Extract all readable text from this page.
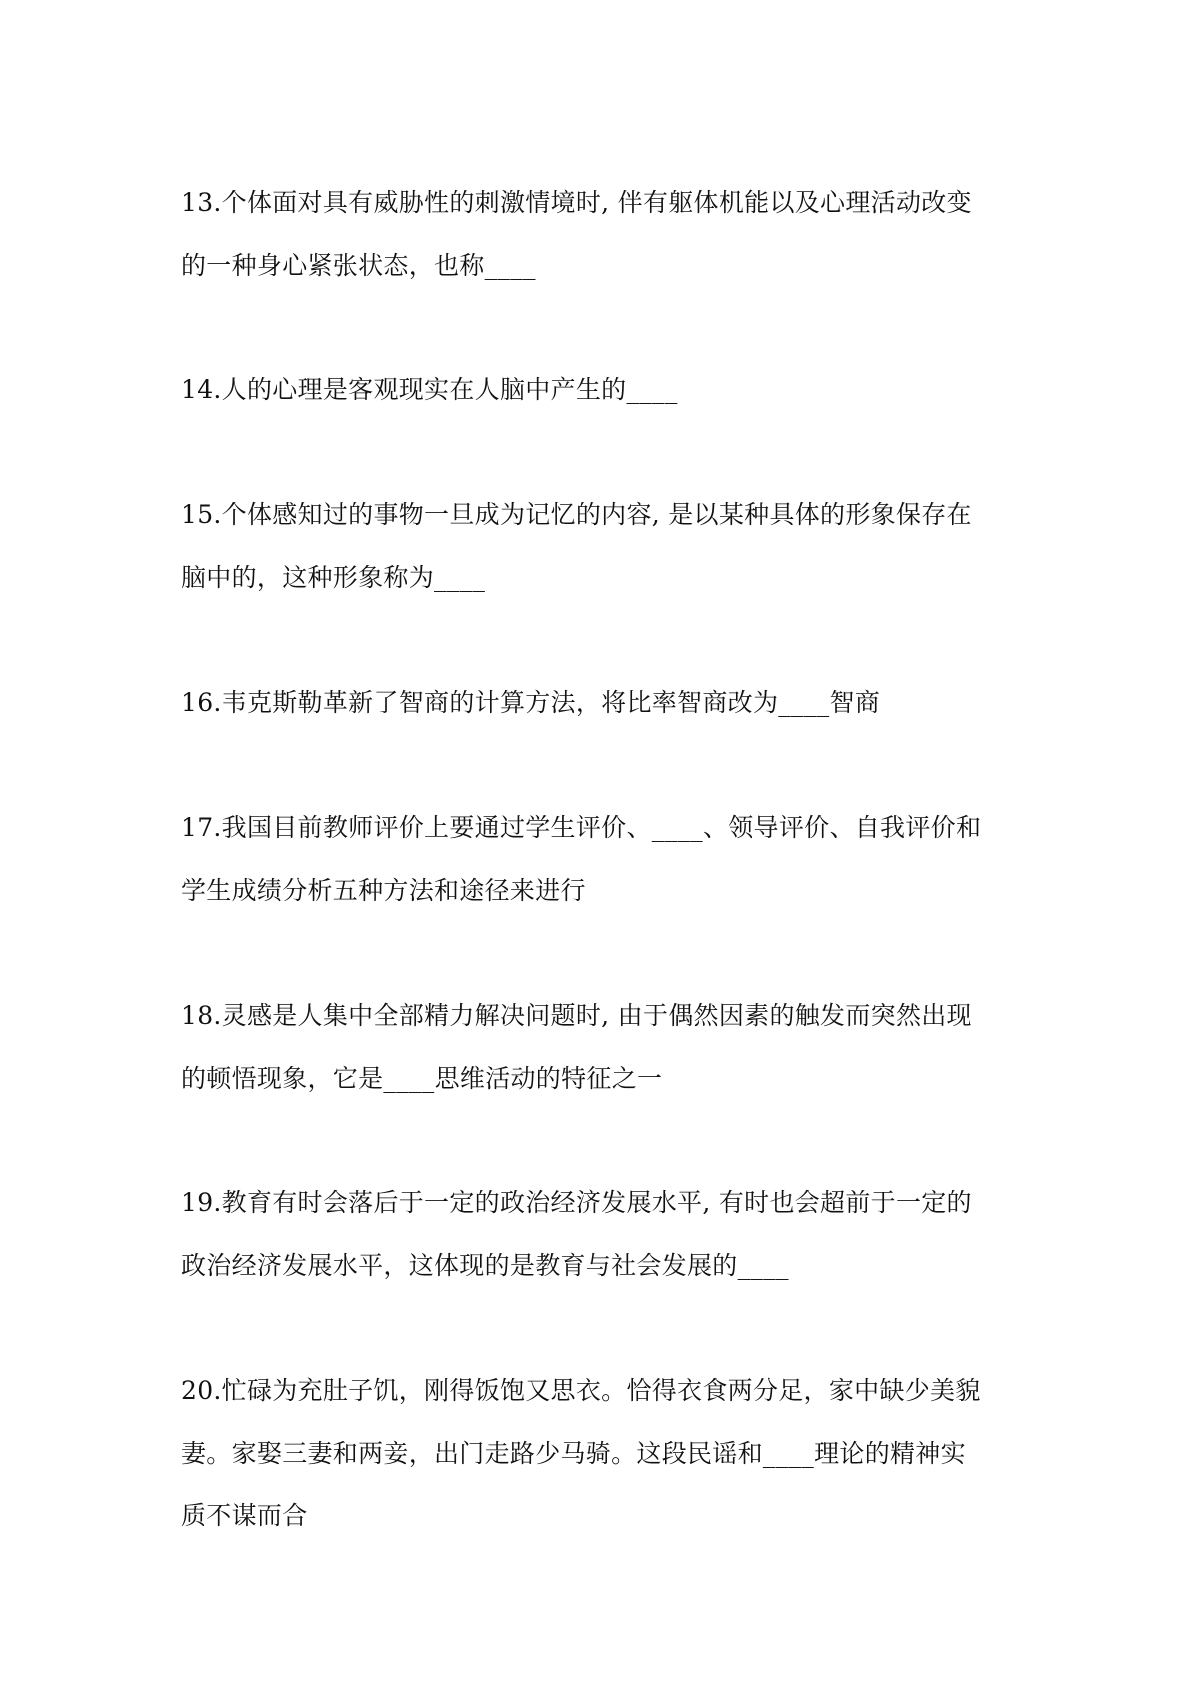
13.个体面对具有威胁性的刺激情境时, 伴有躯体机能以及心理活动改变

的一种身心紧张状态，也称____

14.人的心理是客观现实在人脑中产生的____

15.个体感知过的事物一旦成为记忆的内容, 是以某种具体的形象保存在

脑中的，这种形象称为____

16.韦克斯勒革新了智商的计算方法，将比率智商改为____智商

17.我国目前教师评价上要通过学生评价、____、领导评价、自我评价和

学生成绩分析五种方法和途径来进行

18.灵感是人集中全部精力解决问题时, 由于偶然因素的触发而突然出现

的顿悟现象，它是____思维活动的特征之一

19.教育有时会落后于一定的政治经济发展水平, 有时也会超前于一定的

政治经济发展水平，这体现的是教育与社会发展的____

20.忙碌为充肚子饥，刚得饭饱又思衣。恰得衣食两分足，家中缺少美貌

妻。家娶三妻和两妾，出门走路少马骑。这段民谣和____理论的精神实

质不谋而合
